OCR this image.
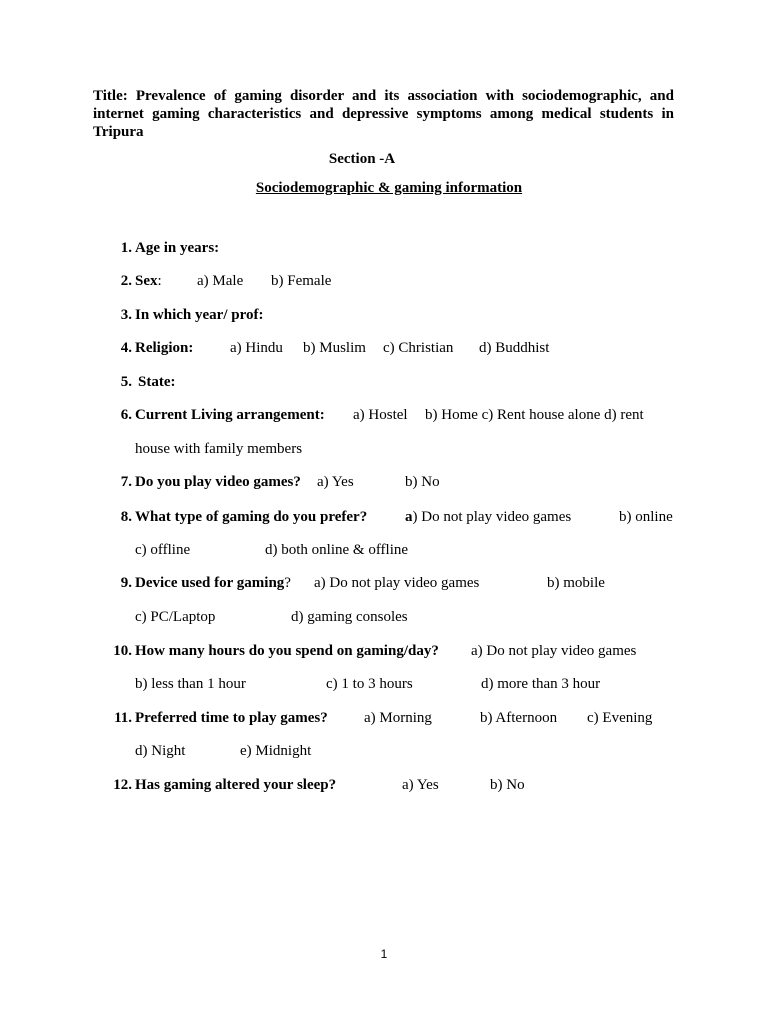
Title: Prevalence of gaming disorder and its association with sociodemographic, and internet gaming characteristics and depressive symptoms among medical students in Tripura

Section -A
Sociodemographic & gaming information
1. Age in years:
2. Sex: a) Male b) Female
3. In which year/ prof:
4. Religion: a) Hindu b) Muslim c) Christian d) Buddhist
5. State:
6. Current Living arrangement: a) Hostel b) Home c) Rent house alone d) rent
house with family members
7. Do you play video games? a) Yes	b) No
8. What type of gaming do you prefer?	a) Do not play video games	b) online
c) offline	d) both online & offline
9. Device used for gaming? a) Do not play video games	b) mobile
c) PC/Laptop	d) gaming consoles
10. How many hours do you spend on gaming/day? a) Do not play video games
b) less than 1 hour	c) 1 to 3 hours	d) more than 3 hour
11. Preferred time to play games? a) Morning	b) Afternoon c) Evening
d) Night	e) Midnight
12. Has gaming altered your sleep?	a) Yes	b) No
1
